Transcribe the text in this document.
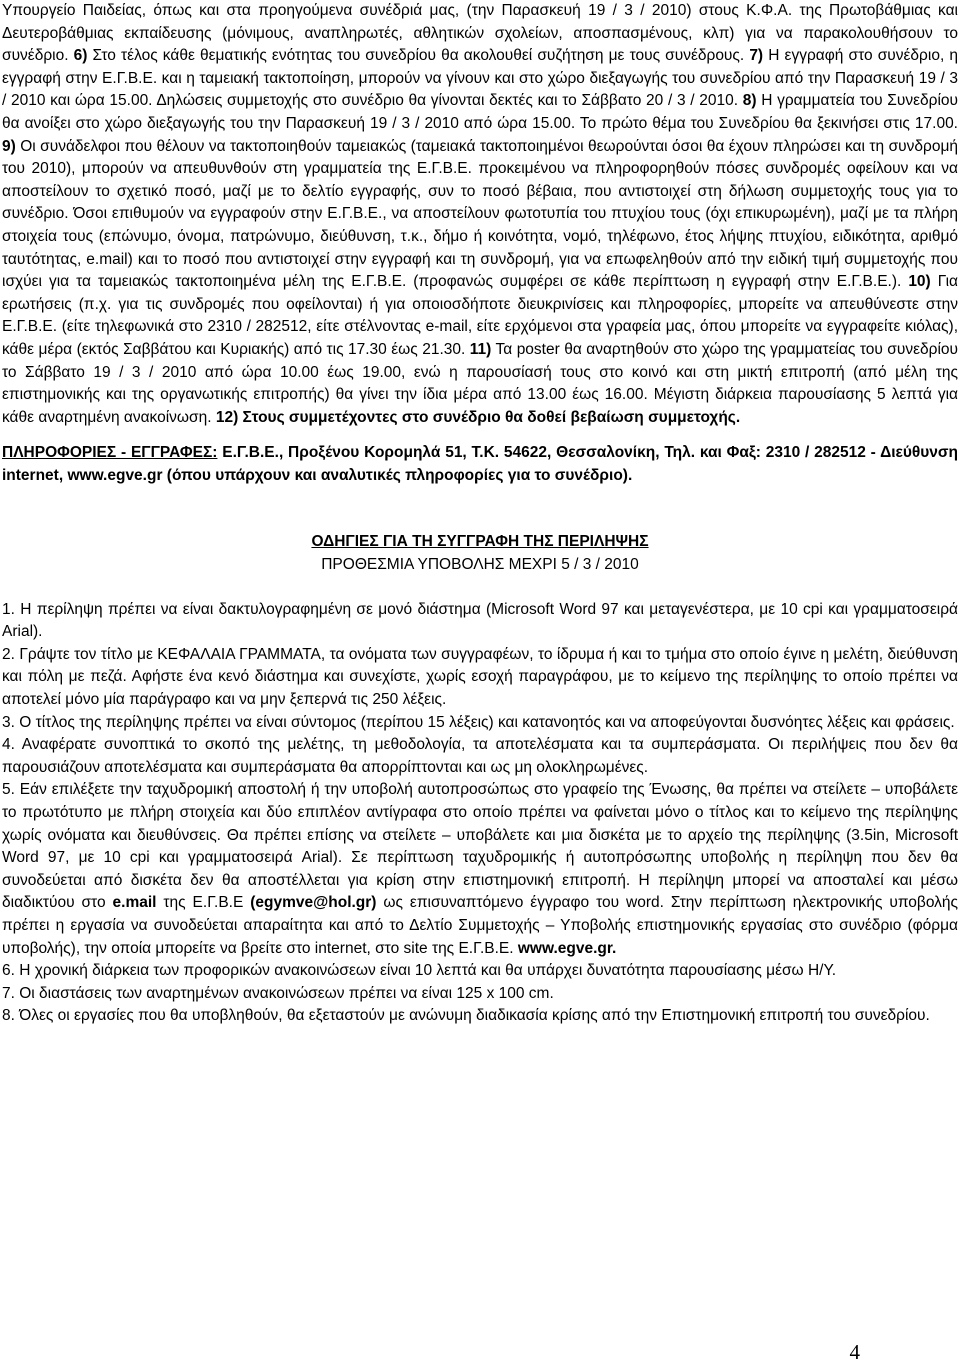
Υπουργείο Παιδείας, όπως και στα προηγούμενα συνέδριά μας, (την Παρασκευή 19 / 3 / 2010) στους Κ.Φ.Α. της Πρωτοβάθμιας και Δευτεροβάθμιας εκπαίδευσης (μόνιμους, αναπληρωτές, αθλητικών σχολείων, αποσπασμένους, κλπ) για να παρακολουθήσουν το συνέδριο. 6) Στο τέλος κάθε θεματικής ενότητας του συνεδρίου θα ακολουθεί συζήτηση με τους συνέδρους. 7) Η εγγραφή στο συνέδριο, η εγγραφή στην Ε.Γ.Β.Ε. και η ταμειακή τακτοποίηση, μπορούν να γίνουν και στο χώρο διεξαγωγής του συνεδρίου από την Παρασκευή 19 / 3 / 2010 και ώρα 15.00. Δηλώσεις συμμετοχής στο συνέδριο θα γίνονται δεκτές και το Σάββατο 20 / 3 / 2010. 8) Η γραμματεία του Συνεδρίου θα ανοίξει στο χώρο διεξαγωγής του την Παρασκευή 19 / 3 / 2010 από ώρα 15.00. Το πρώτο θέμα του Συνεδρίου θα ξεκινήσει στις 17.00. 9) Οι συνάδελφοι που θέλουν να τακτοποιηθούν ταμειακώς (ταμειακά τακτοποιημένοι θεωρούνται όσοι θα έχουν πληρώσει και τη συνδρομή του 2010), μπορούν να απευθυνθούν στη γραμματεία της Ε.Γ.Β.Ε. προκειμένου να πληροφορηθούν πόσες συνδρομές οφείλουν και να αποστείλουν το σχετικό ποσό, μαζί με το δελτίο εγγραφής, συν το ποσό βέβαια, που αντιστοιχεί στη δήλωση συμμετοχής τους για το συνέδριο. Όσοι επιθυμούν να εγγραφούν στην Ε.Γ.Β.Ε., να αποστείλουν φωτοτυπία του πτυχίου τους (όχι επικυρωμένη), μαζί με τα πλήρη στοιχεία τους (επώνυμο, όνομα, πατρώνυμο, διεύθυνση, τ.κ., δήμο ή κοινότητα, νομό, τηλέφωνο, έτος λήψης πτυχίου, ειδικότητα, αριθμό ταυτότητας, e.mail) και το ποσό που αντιστοιχεί στην εγγραφή και τη συνδρομή, για να επωφεληθούν από την ειδική τιμή συμμετοχής που ισχύει για τα ταμειακώς τακτοποιημένα μέλη της Ε.Γ.Β.Ε. (προφανώς συμφέρει σε κάθε περίπτωση η εγγραφή στην Ε.Γ.Β.Ε.). 10) Για ερωτήσεις (π.χ. για τις συνδρομές που οφείλονται) ή για οποιοσδήποτε διευκρινίσεις και πληροφορίες, μπορείτε να απευθύνεστε στην Ε.Γ.Β.Ε. (είτε τηλεφωνικά στο 2310 / 282512, είτε στέλνοντας e-mail, είτε ερχόμενοι στα γραφεία μας, όπου μπορείτε να εγγραφείτε κιόλας), κάθε μέρα (εκτός Σαββάτου και Κυριακής) από τις 17.30 έως 21.30. 11) Τα poster θα αναρτηθούν στο χώρο της γραμματείας του συνεδρίου το Σάββατο 19 / 3 / 2010 από ώρα 10.00 έως 19.00, ενώ η παρουσίασή τους στο κοινό και στη μικτή επιτροπή (από μέλη της επιστημονικής και της οργανωτικής επιτροπής) θα γίνει την ίδια μέρα από 13.00 έως 16.00. Μέγιστη διάρκεια παρουσίασης 5 λεπτά για κάθε αναρτημένη ανακοίνωση. 12) Στους συμμετέχοντες στο συνέδριο θα δοθεί βεβαίωση συμμετοχής.

ΠΛΗΡΟΦΟΡΙΕΣ - ΕΓΓΡΑΦΕΣ: Ε.Γ.Β.Ε., Προξένου Κορομηλά 51, Τ.Κ. 54622, Θεσσαλονίκη, Τηλ. και Φαξ: 2310 / 282512 - Διεύθυνση internet, www.egve.gr (όπου υπάρχουν και αναλυτικές πληροφορίες για το συνέδριο).

ΟΔΗΓΙΕΣ ΓΙΑ ΤΗ ΣΥΓΓΡΑΦΗ ΤΗΣ ΠΕΡΙΛΗΨΗΣ
ΠΡΟΘΕΣΜΙΑ ΥΠΟΒΟΛΗΣ ΜΕΧΡΙ 5 / 3 / 2010

1. Η περίληψη πρέπει να είναι δακτυλογραφημένη σε μονό διάστημα (Microsoft Word 97 και μεταγενέστερα, με 10 cpi και γραμματοσειρά Arial).

2. Γράψτε τον τίτλο με ΚΕΦΑΛΑΙΑ ΓΡΑΜΜΑΤΑ, τα ονόματα των συγγραφέων, το ίδρυμα ή και το τμήμα στο οποίο έγινε η μελέτη, διεύθυνση και πόλη με πεζά. Αφήστε ένα κενό διάστημα και συνεχίστε, χωρίς εσοχή παραγράφου, με το κείμενο της περίληψης το οποίο πρέπει να αποτελεί μόνο μία παράγραφο και να μην ξεπερνά τις 250 λέξεις.

3. Ο τίτλος της περίληψης πρέπει να είναι σύντομος (περίπου 15 λέξεις) και κατανοητός και να αποφεύγονται δυσνόητες λέξεις και φράσεις.

4. Αναφέρατε συνοπτικά το σκοπό της μελέτης, τη μεθοδολογία, τα αποτελέσματα και τα συμπεράσματα. Οι περιλήψεις που δεν θα παρουσιάζουν αποτελέσματα και συμπεράσματα θα απορρίπτονται και ως μη ολοκληρωμένες.

5. Εάν επιλέξετε την ταχυδρομική αποστολή ή την υποβολή αυτοπροσώπως στο γραφείο της Ένωσης, θα πρέπει να στείλετε – υποβάλετε το πρωτότυπο με πλήρη στοιχεία και δύο επιπλέον αντίγραφα στο οποίο πρέπει να φαίνεται μόνο ο τίτλος και το κείμενο της περίληψης χωρίς ονόματα και διευθύνσεις. Θα πρέπει επίσης να στείλετε – υποβάλετε και μια δισκέτα με το αρχείο της περίληψης (3.5in, Microsoft Word 97, με 10 cpi και γραμματοσειρά Arial). Σε περίπτωση ταχυδρομικής ή αυτοπρόσωπης υποβολής η περίληψη που δεν θα συνοδεύεται από δισκέτα δεν θα αποστέλλεται για κρίση στην επιστημονική επιτροπή. Η περίληψη μπορεί να αποσταλεί και μέσω διαδικτύου στο e.mail της Ε.Γ.Β.Ε (egymve@hol.gr) ως επισυναπτόμενο έγγραφο του word. Στην περίπτωση ηλεκτρονικής υποβολής πρέπει η εργασία να συνοδεύεται απαραίτητα και από το Δελτίο Συμμετοχής – Υποβολής επιστημονικής εργασίας στο συνέδριο (φόρμα υποβολής), την οποία μπορείτε να βρείτε στο internet, στο site της Ε.Γ.Β.Ε. www.egve.gr.

6. Η χρονική διάρκεια των προφορικών ανακοινώσεων είναι 10 λεπτά και θα υπάρχει δυνατότητα παρουσίασης μέσω Η/Υ.

7. Οι διαστάσεις των αναρτημένων ανακοινώσεων πρέπει να είναι 125 x 100 cm.

8. Όλες οι εργασίες που θα υποβληθούν, θα εξεταστούν με ανώνυμη διαδικασία κρίσης από την Επιστημονική επιτροπή του συνεδρίου.

4
